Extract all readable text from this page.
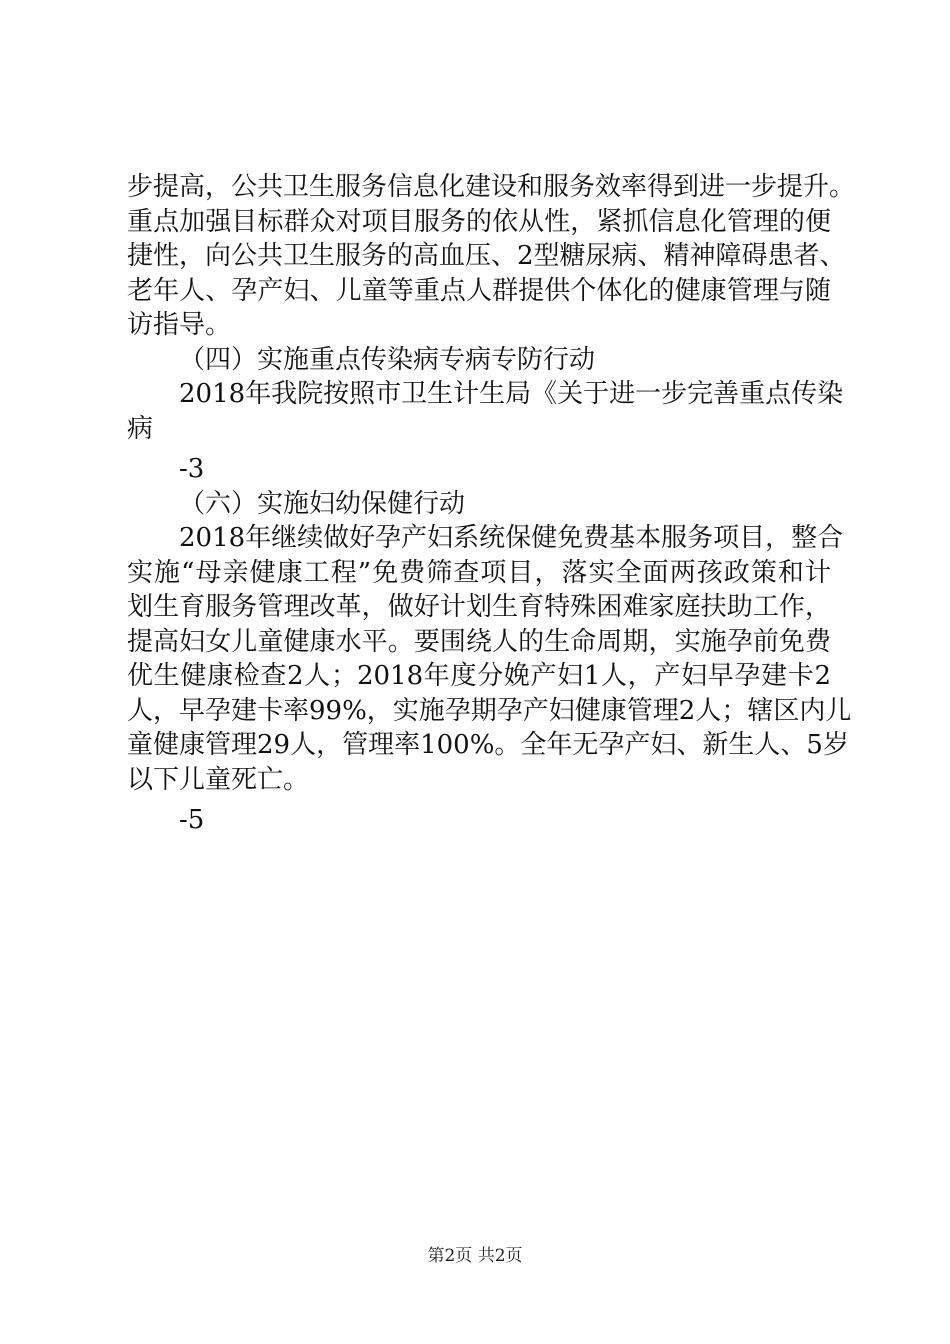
步提高，公共卫生服务信息化建设和服务效率得到进一步提升。

重点加强目标群众对项目服务的依从性，紧抓信息化管理的便

捷性，向公共卫生服务的高血压、2型糖尿病、精神障碍患者、

老年人、孕产妇、儿童等重点人群提供个体化的健康管理与随

访指导。

（四）实施重点传染病专病专防行动

2018年我院按照市卫生计生局《关于进一步完善重点传染

病

-3

（六）实施妇幼保健行动

2018年继续做好孕产妇系统保健免费基本服务项目，整合

实施“母亲健康工程”免费筛查项目，落实全面两孩政策和计

划生育服务管理改革，做好计划生育特殊困难家庭扶助工作，

提高妇女儿童健康水平。要围绕人的生命周期，实施孕前免费

优生健康检查2人；2018年度分娩产妇1人，产妇早孕建卡2

人，早孕建卡率99%，实施孕期孕产妇健康管理2人；辖区内儿

童健康管理29人，管理率100%。全年无孕产妇、新生人、5岁

以下儿童死亡。

-5

第2页 共2页
